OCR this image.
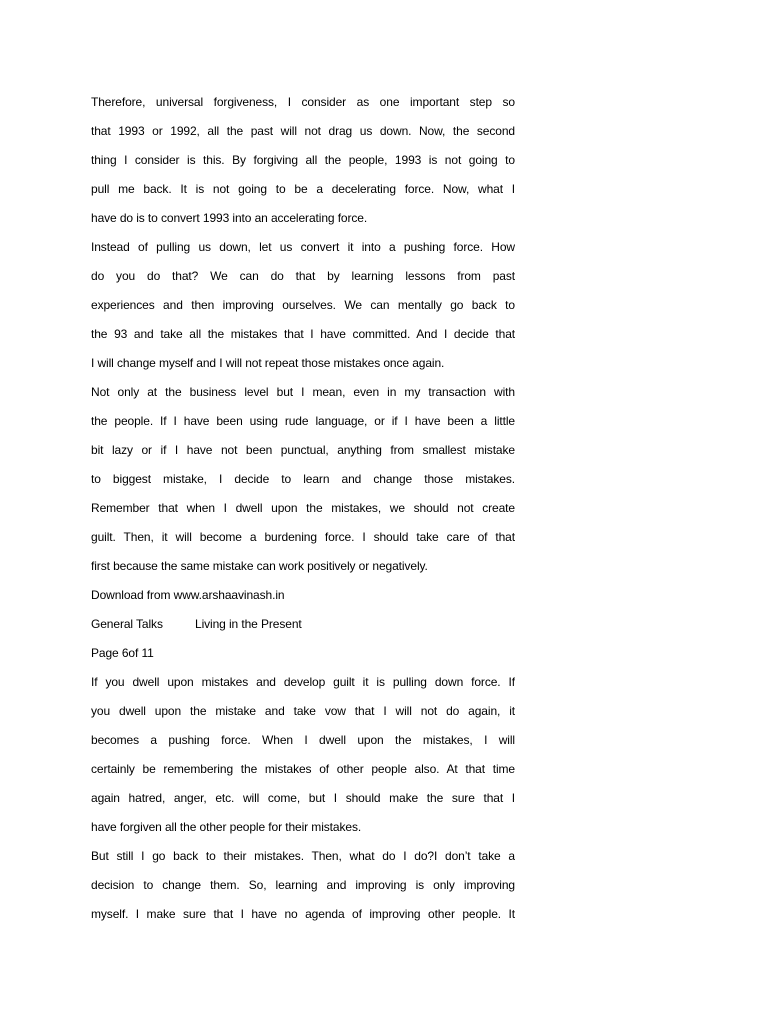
Therefore, universal forgiveness, I consider as one important step so
that 1993 or 1992, all the past will not drag us down. Now, the second
thing I consider is this. By forgiving all the people, 1993 is not going to
pull me back. It is not going to be a decelerating force. Now, what I
have do is to convert 1993 into an accelerating force.
Instead of pulling us down, let us convert it into a pushing force. How
do you do that? We can do that by learning lessons from past
experiences and then improving ourselves. We can mentally go back to
the 93 and take all the mistakes that I have committed. And I decide that
I will change myself and I will not repeat those mistakes once again.
Not only at the business level but I mean, even in my transaction with
the people. If I have been using rude language, or if I have been a little
bit lazy or if I have not been punctual, anything from smallest mistake
to biggest mistake, I decide to learn and change those mistakes.
Remember that when I dwell upon the mistakes, we should not create
guilt. Then, it will become a burdening force. I should take care of that
first because the same mistake can work positively or negatively.
Download from www.arshaavinash.in
General Talks	Living in the Present
Page 6of 11
If you dwell upon mistakes and develop guilt it is pulling down force. If
you dwell upon the mistake and take vow that I will not do again, it
becomes a pushing force. When I dwell upon the mistakes, I will
certainly be remembering the mistakes of other people also. At that time
again hatred, anger, etc. will come, but I should make the sure that I
have forgiven all the other people for their mistakes.
But still I go back to their mistakes. Then, what do I do?I don’t take a
decision to change them. So, learning and improving is only improving
myself. I make sure that I have no agenda of improving other people. It
